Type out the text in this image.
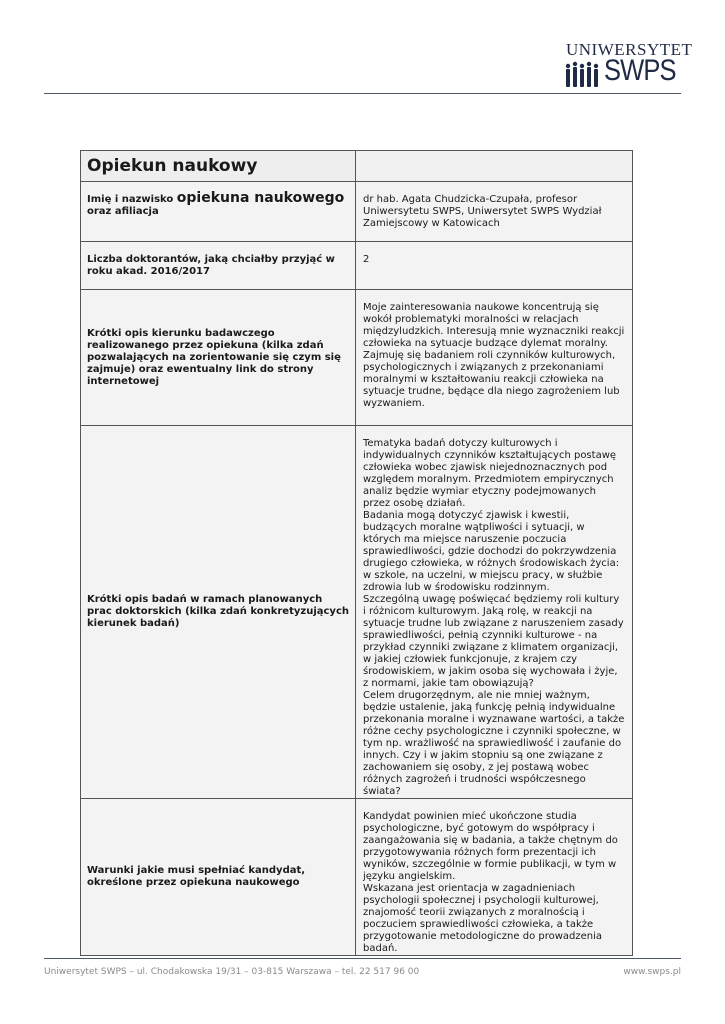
UNIWERSYTET
SWPS
Opiekun naukowy	

Imię i nazwisko opiekuna naukowego
oraz afiliacja	dr hab. Agata Chudzicka-Czupała, profesor Uniwersytetu SWPS, Uniwersytet SWPS Wydział Zamiejscowy w Katowicach

Liczba doktorantów, jaką chciałby przyjąć w roku akad. 2016/2017	2

Krótki opis kierunku badawczego realizowanego przez opiekuna (kilka zdań pozwalających na zorientowanie się czym się zajmuje) oraz ewentualny link do strony internetowej	Moje zainteresowania naukowe koncentrują się wokół problematyki moralności w relacjach międzyludzkich. Interesują mnie wyznaczniki reakcji człowieka na sytuacje budzące dylemat moralny. Zajmuję się badaniem roli czynników kulturowych, psychologicznych i związanych z przekonaniami moralnymi w kształtowaniu reakcji człowieka na sytuacje trudne, będące dla niego zagrożeniem lub wyzwaniem.

Krótki opis badań w ramach planowanych prac doktorskich (kilka zdań konkretyzujących kierunek badań)	Tematyka badań dotyczy kulturowych i indywidualnych czynników kształtujących postawę człowieka wobec zjawisk niejednoznacznych pod względem moralnym. Przedmiotem empirycznych analiz będzie wymiar etyczny podejmowanych przez osobę działań.
Badania mogą dotyczyć zjawisk i kwestii, budzących moralne wątpliwości i sytuacji, w których ma miejsce naruszenie poczucia sprawiedliwości, gdzie dochodzi do pokrzywdzenia drugiego człowieka, w różnych środowiskach życia: w szkole, na uczelni, w miejscu pracy, w służbie zdrowia lub w środowisku rodzinnym.
Szczególną uwagę poświęcać będziemy roli kultury i różnicom kulturowym. Jaką rolę, w reakcji na sytuacje trudne lub związane z naruszeniem zasady sprawiedliwości, pełnią czynniki kulturowe - na przykład czynniki związane z klimatem organizacji, w jakiej człowiek funkcjonuje, z krajem czy środowiskiem, w jakim osoba się wychowała i żyje, z normami, jakie tam obowiązują?
Celem drugorzędnym, ale nie mniej ważnym, będzie ustalenie, jaką funkcję pełnią indywidualne przekonania moralne i wyznawane wartości, a także różne cechy psychologiczne i czynniki społeczne, w tym np. wrażliwość na sprawiedliwość i zaufanie do innych. Czy i w jakim stopniu są one związane z zachowaniem się osoby, z jej postawą wobec różnych zagrożeń i trudności współczesnego świata?

Warunki jakie musi spełniać kandydat, określone przez opiekuna naukowego	Kandydat powinien mieć ukończone studia psychologiczne, być gotowym do współpracy i zaangażowania się w badania, a także chętnym do przygotowywania różnych form prezentacji ich wyników, szczególnie w formie publikacji, w tym w języku angielskim.
Wskazana jest orientacja w zagadnieniach psychologii społecznej i psychologii kulturowej, znajomość teorii związanych z moralnością i poczuciem sprawiedliwości człowieka, a także przygotowanie metodologiczne do prowadzenia badań.
Uniwersytet SWPS – ul. Chodakowska 19/31 – 03-815 Warszawa – tel. 22 517 96 00	www.swps.pl
